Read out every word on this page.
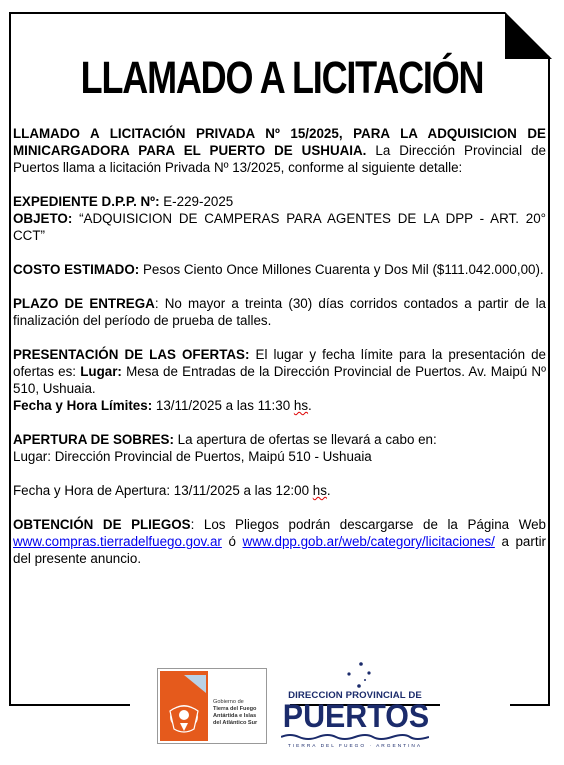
LLAMADO A LICITACIÓN

LLAMADO A LICITACIÓN PRIVADA Nº 15/2025, PARA LA ADQUISICION DE MINICARGADORA PARA EL PUERTO DE USHUAIA. La Dirección Provincial de Puertos llama a licitación Privada Nº 13/2025, conforme al siguiente detalle:

EXPEDIENTE D.P.P. Nº: E-229-2025

OBJETO: “ADQUISICION DE CAMPERAS PARA AGENTES DE LA DPP - ART. 20° CCT”

COSTO ESTIMADO: Pesos Ciento Once Millones Cuarenta y Dos Mil ($111.042.000,00).

PLAZO DE ENTREGA: No mayor a treinta (30) días corridos contados a partir de la finalización del período de prueba de talles.

PRESENTACIÓN DE LAS OFERTAS: El lugar y fecha límite para la presentación de ofertas es: Lugar: Mesa de Entradas de la Dirección Provincial de Puertos. Av. Maipú Nº 510, Ushuaia.

Fecha y Hora Límites: 13/11/2025 a las 11:30 hs.

APERTURA DE SOBRES: La apertura de ofertas se llevará a cabo en:

Lugar: Dirección Provincial de Puertos, Maipú 510 - Ushuaia

Fecha y Hora de Apertura: 13/11/2025 a las 12:00 hs.

OBTENCIÓN DE PLIEGOS: Los Pliegos podrán descargarse de la Página Web www.compras.tierradelfuego.gov.ar ó www.dpp.gob.ar/web/category/licitaciones/ a partir del presente anuncio.

Gobierno de
Tierra del Fuego
Antártida e Islas
del Atlántico Sur
DIRECCION PROVINCIAL DE
PUERTOS
TIERRA DEL FUEGO · ARGENTINA
